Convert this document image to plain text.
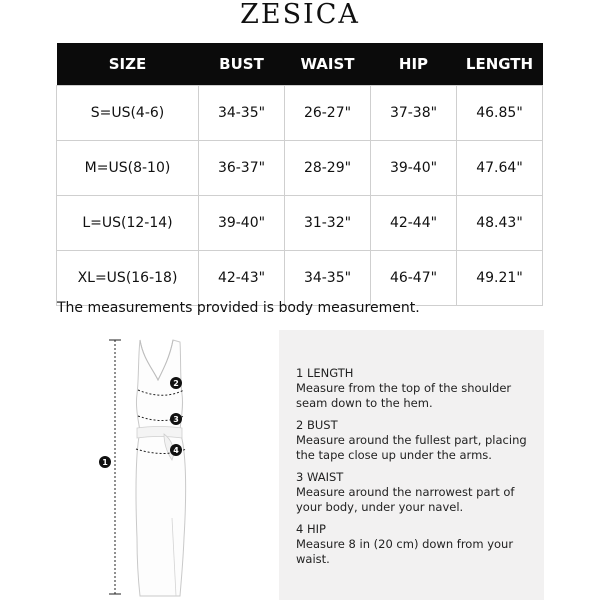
ZESICA
SIZE	BUST	WAIST	HIP	LENGTH
S=US(4-6)	34-35"	26-27"	37-38"	46.85"
M=US(8-10)	36-37"	28-29"	39-40"	47.64"
L=US(12-14)	39-40"	31-32"	42-44"	48.43"
XL=US(16-18)	42-43"	34-35"	46-47"	49.21"
The measurements provided is body measurement.
1
2
3
4
1 LENGTH
Measure from the top of the shoulder seam down to the hem.
2 BUST
Measure around the fullest part, placing the tape close up under the arms.
3 WAIST
Measure around the narrowest part of your body, under your navel.
4 HIP
Measure 8 in (20 cm) down from your waist.
